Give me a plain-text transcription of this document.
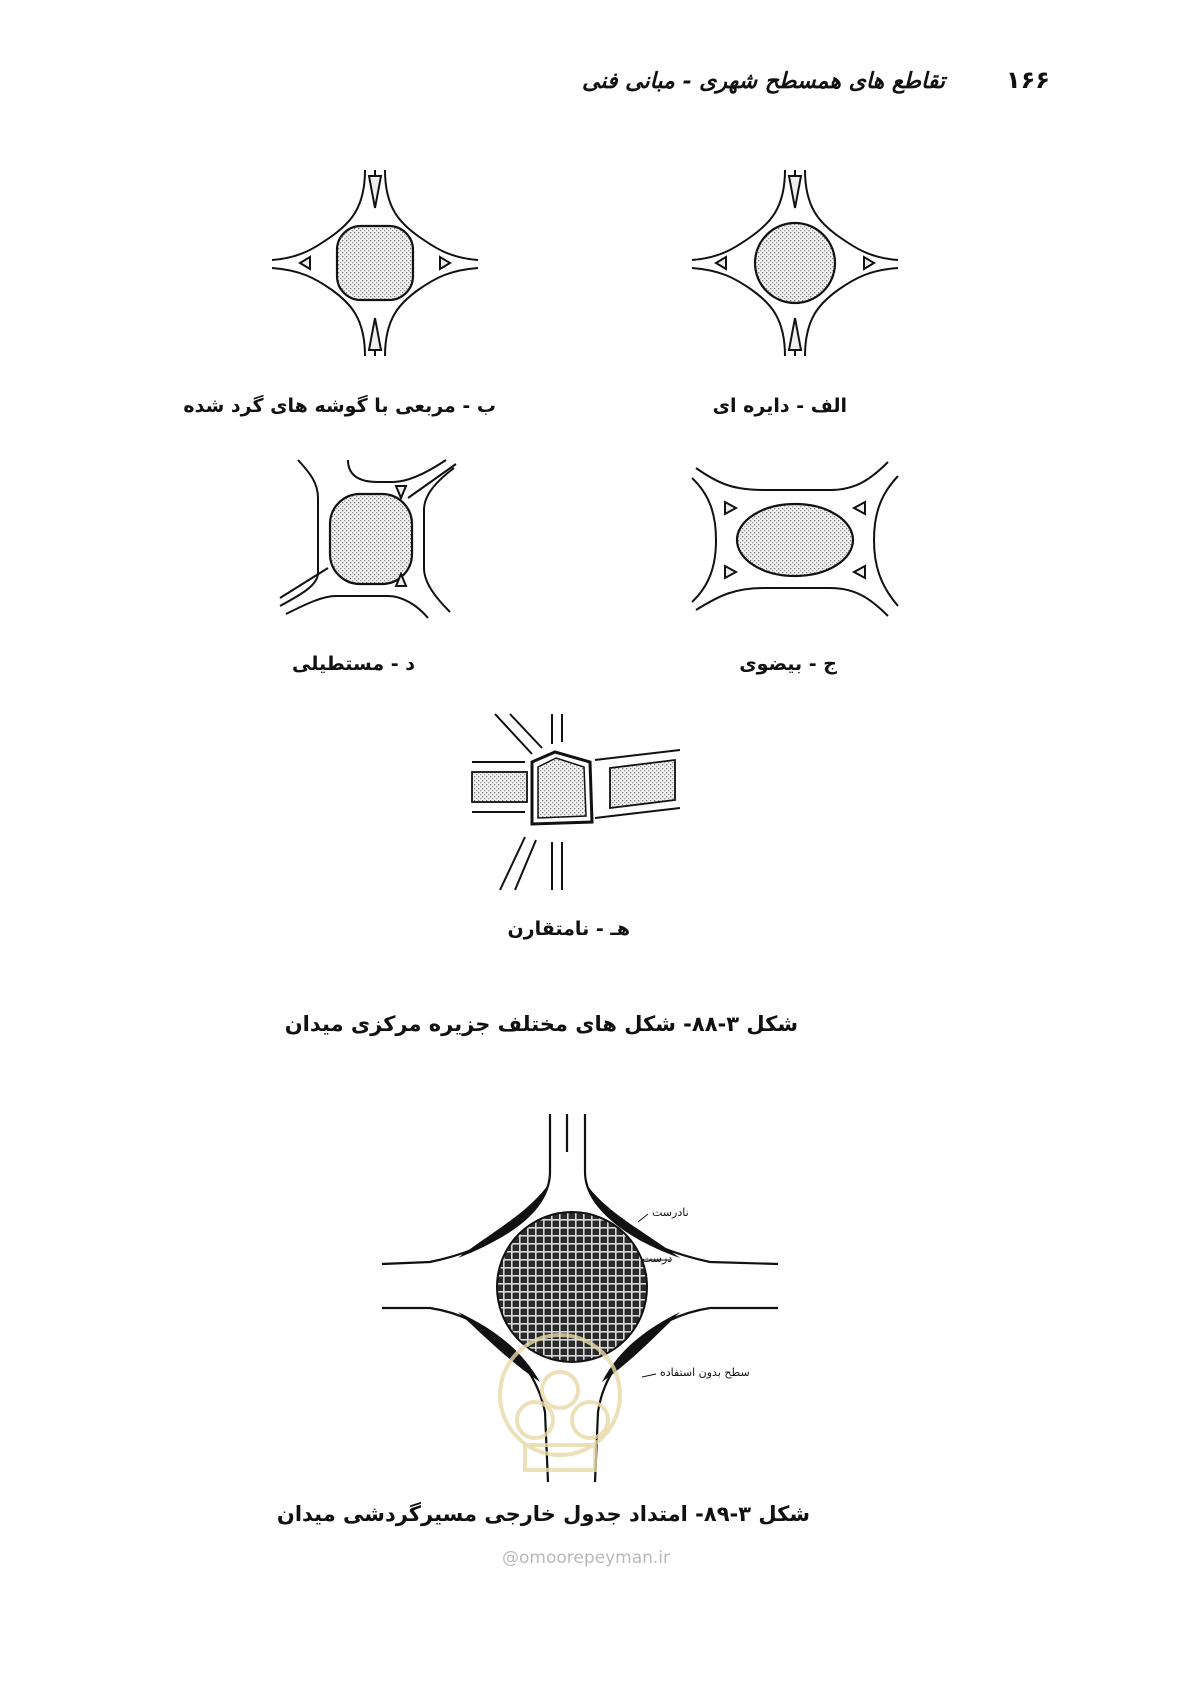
۱۶۶
تقاطع های همسطح شهری - مبانی فنی
الف - دایره ای
ب - مربعی با گوشه های گرد شده
ج - بیضوی
د - مستطیلی
هـ - نامتقارن
شکل ۳-۸۸- شکل های مختلف جزیره مرکزی میدان
نادرست
درست
سطح بدون استفاده
شکل ۳-۸۹- امتداد جدول خارجی مسیرگردشی میدان
@omoorepeyman.ir
